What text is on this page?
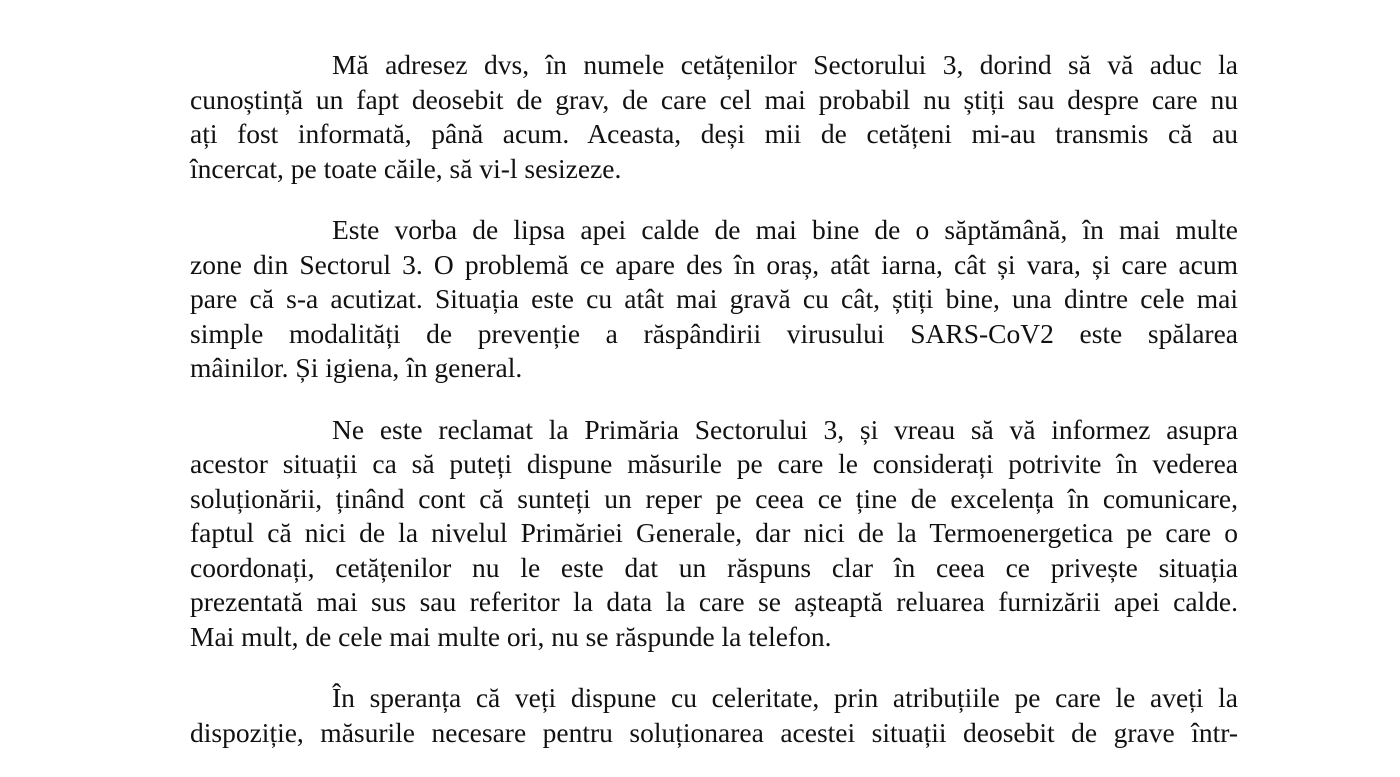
Mă adresez dvs, în numele cetățenilor Sectorului 3, dorind să vă aduc la
cunoștință un fapt deosebit de grav, de care cel mai probabil nu știți sau despre care nu
ați fost informată, până acum. Aceasta, deși mii de cetățeni mi-au transmis că au
încercat, pe toate căile, să vi-l sesizeze.
Este vorba de lipsa apei calde de mai bine de o săptămână, în mai multe
zone din Sectorul 3. O problemă ce apare des în oraș, atât iarna, cât și vara, și care acum
pare că s-a acutizat. Situația este cu atât mai gravă cu cât, știți bine, una dintre cele mai
simple modalități de prevenție a răspândirii virusului SARS-CoV2 este spălarea
mâinilor. Și igiena, în general.
Ne este reclamat la Primăria Sectorului 3, și vreau să vă informez asupra
acestor situații ca să puteți dispune măsurile pe care le considerați potrivite în vederea
soluționării, ținând cont că sunteți un reper pe ceea ce ține de excelența în comunicare,
faptul că nici de la nivelul Primăriei Generale, dar nici de la Termoenergetica pe care o
coordonați, cetățenilor nu le este dat un răspuns clar în ceea ce privește situația
prezentată mai sus sau referitor la data la care se așteaptă reluarea furnizării apei calde.
Mai mult, de cele mai multe ori, nu se răspunde la telefon.
În speranța că veți dispune cu celeritate, prin atribuțiile pe care le aveți la
dispoziție, măsurile necesare pentru soluționarea acestei situații deosebit de grave într-
